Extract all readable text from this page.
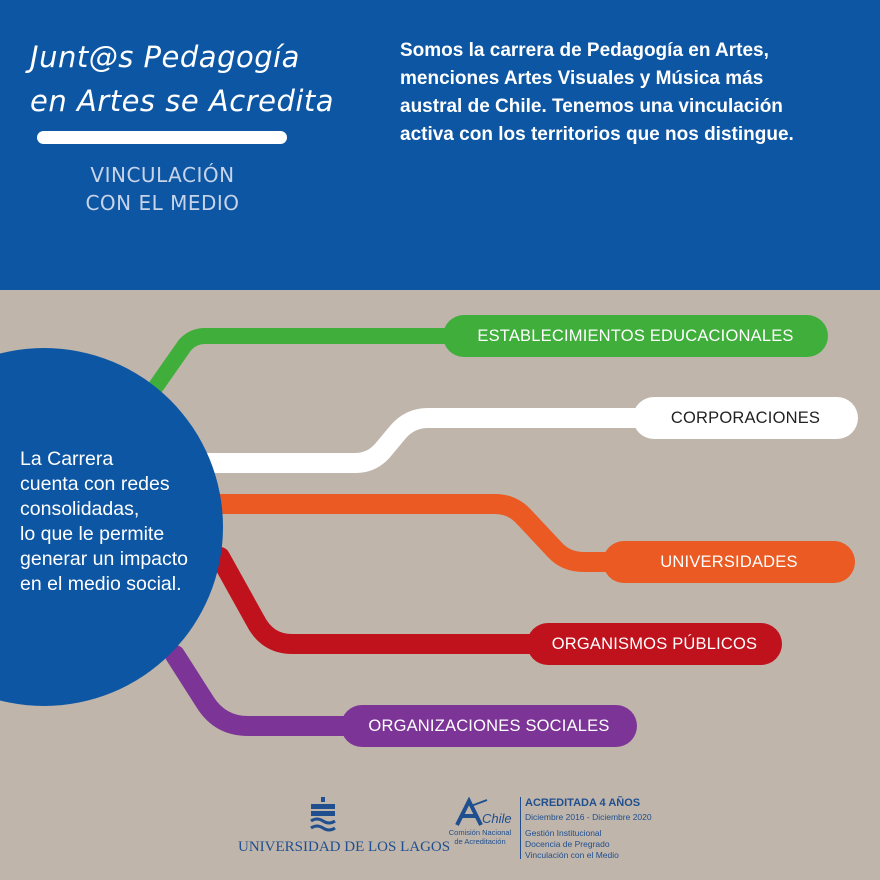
Junt@s Pedagogía
en Artes se Acredita
VINCULACIÓN
CON EL MEDIO
Somos la carrera de Pedagogía en Artes,
menciones Artes Visuales y Música más
austral de Chile. Tenemos una vinculación
activa con los territorios que nos distingue.
ESTABLECIMIENTOS EDUCACIONALES
CORPORACIONES
UNIVERSIDADES
ORGANISMOS PÚBLICOS
ORGANIZACIONES SOCIALES
La Carrera
cuenta con redes
consolidadas,
lo que le permite
generar un impacto
en el medio social.
UNIVERSIDAD DE LOS LAGOS
Chile
Comisión Nacional
de Acreditación
ACREDITADA 4 AÑOS
Diciembre 2016 - Diciembre 2020
Gestión Institucional
Docencia de Pregrado
Vinculación con el Medio
